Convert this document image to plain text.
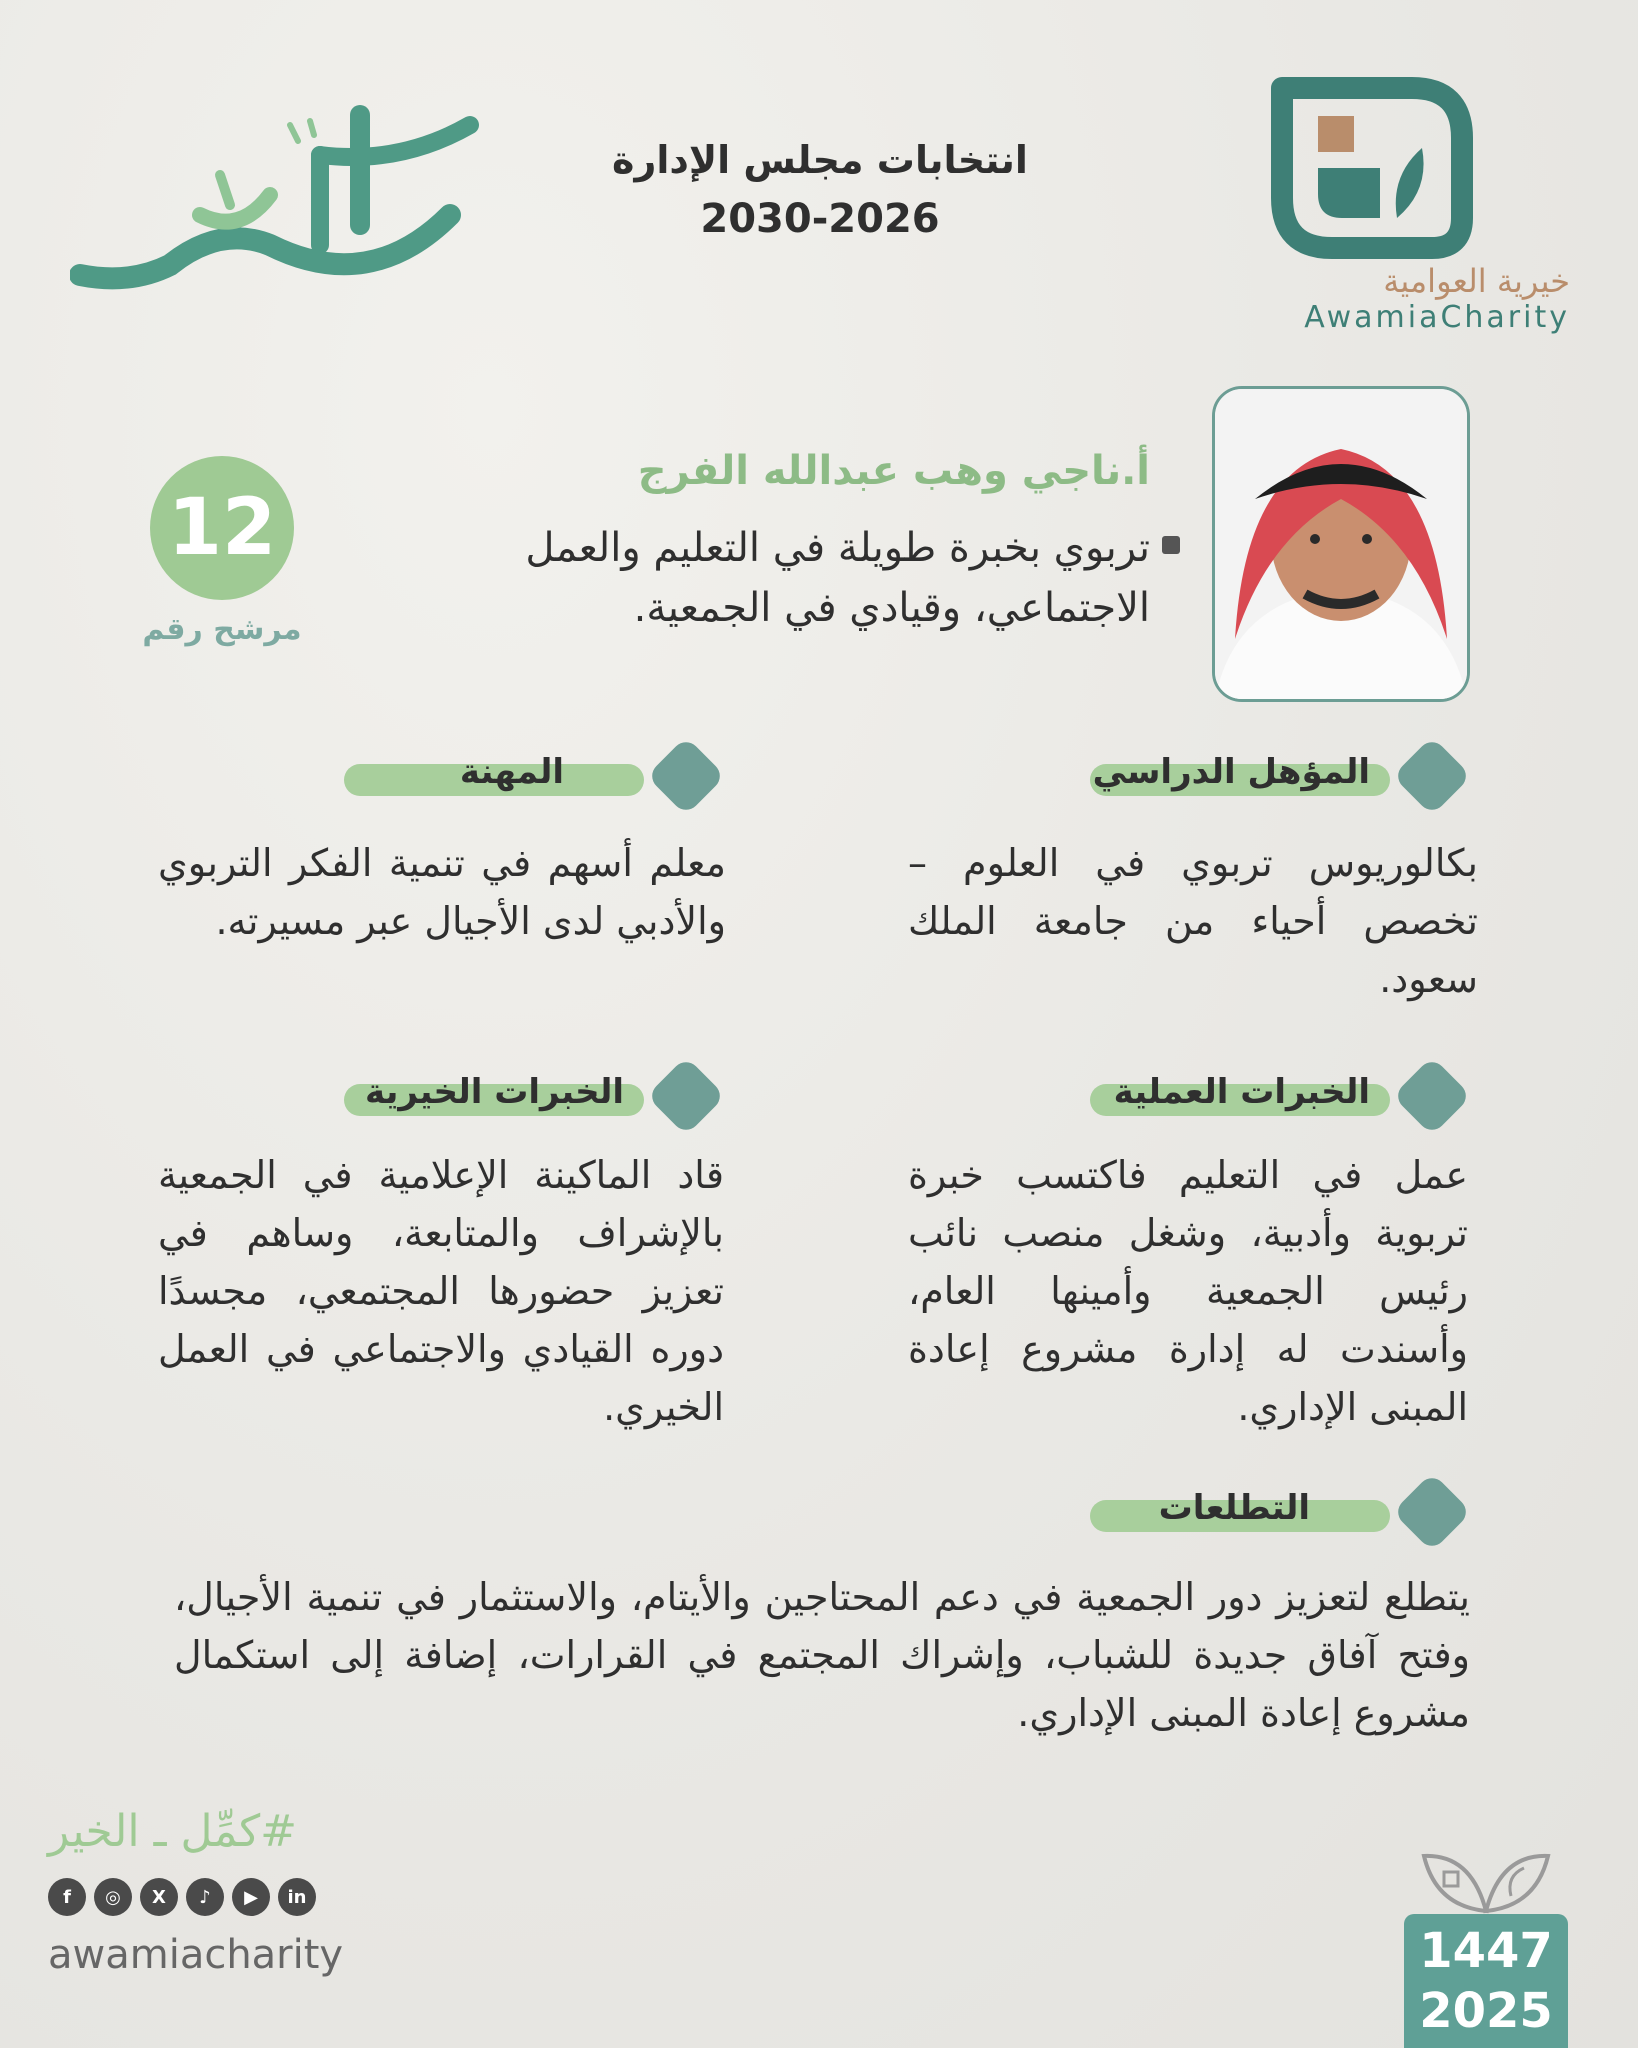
خيرية العوامية
AwamiaCharity
انتخابات مجلس الإدارة
2030-2026
أ.ناجي وهب عبدالله الفرج
تربوي بخبرة طويلة في التعليم والعمل الاجتماعي، وقيادي في الجمعية.
12
مرشح رقم
المؤهل الدراسي
بكالوريوس تربوي في العلوم – تخصص أحياء من جامعة الملك سعود.
المهنة
معلم أسهم في تنمية الفكر التربوي والأدبي لدى الأجيال عبر مسيرته.
الخبرات العملية
عمل في التعليم فاكتسب خبرة تربوية وأدبية، وشغل منصب نائب رئيس الجمعية وأمينها العام، وأسندت له إدارة مشروع إعادة المبنى الإداري.
الخبرات الخيرية
قاد الماكينة الإعلامية في الجمعية بالإشراف والمتابعة، وساهم في تعزيز حضورها المجتمعي، مجسدًا دوره القيادي والاجتماعي في العمل الخيري.
التطلعات
يتطلع لتعزيز دور الجمعية في دعم المحتاجين والأيتام، والاستثمار في تنمية الأجيال، وفتح آفاق جديدة للشباب، وإشراك المجتمع في القرارات، إضافة إلى استكمال مشروع إعادة المبنى الإداري.
#كمِّل ـ الخير
f	◎	X	♪	▶	in
awamiacharity	1447
2025
